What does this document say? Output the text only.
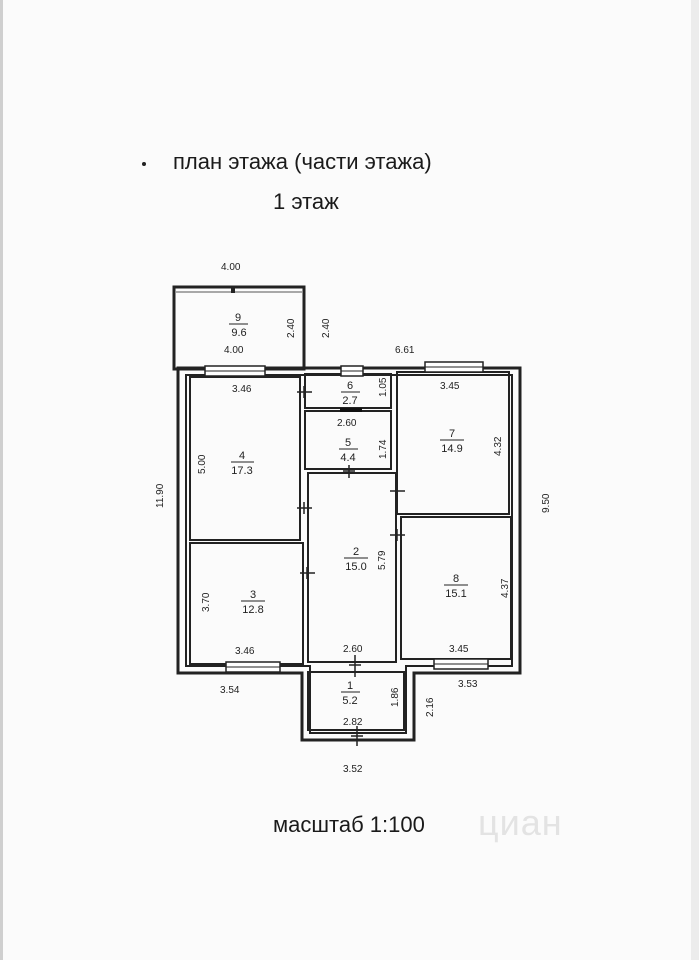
план этажа (части этажа)
1 этаж
4.00
2.40 2.40
4.00	6.61
11.90	9.50
3.46
5.00
3.70
3.46
3.54
1.05
2.60
1.74
5.79
2.60
3.45
4.32
4.37
3.45
3.53
1.86
2.82
2.16
3.52
9
9.6
6
2.7
5
4.4
4
17.3
7
14.9
2
15.0
3
12.8
8
15.1
1
5.2
циан
масштаб 1:100
